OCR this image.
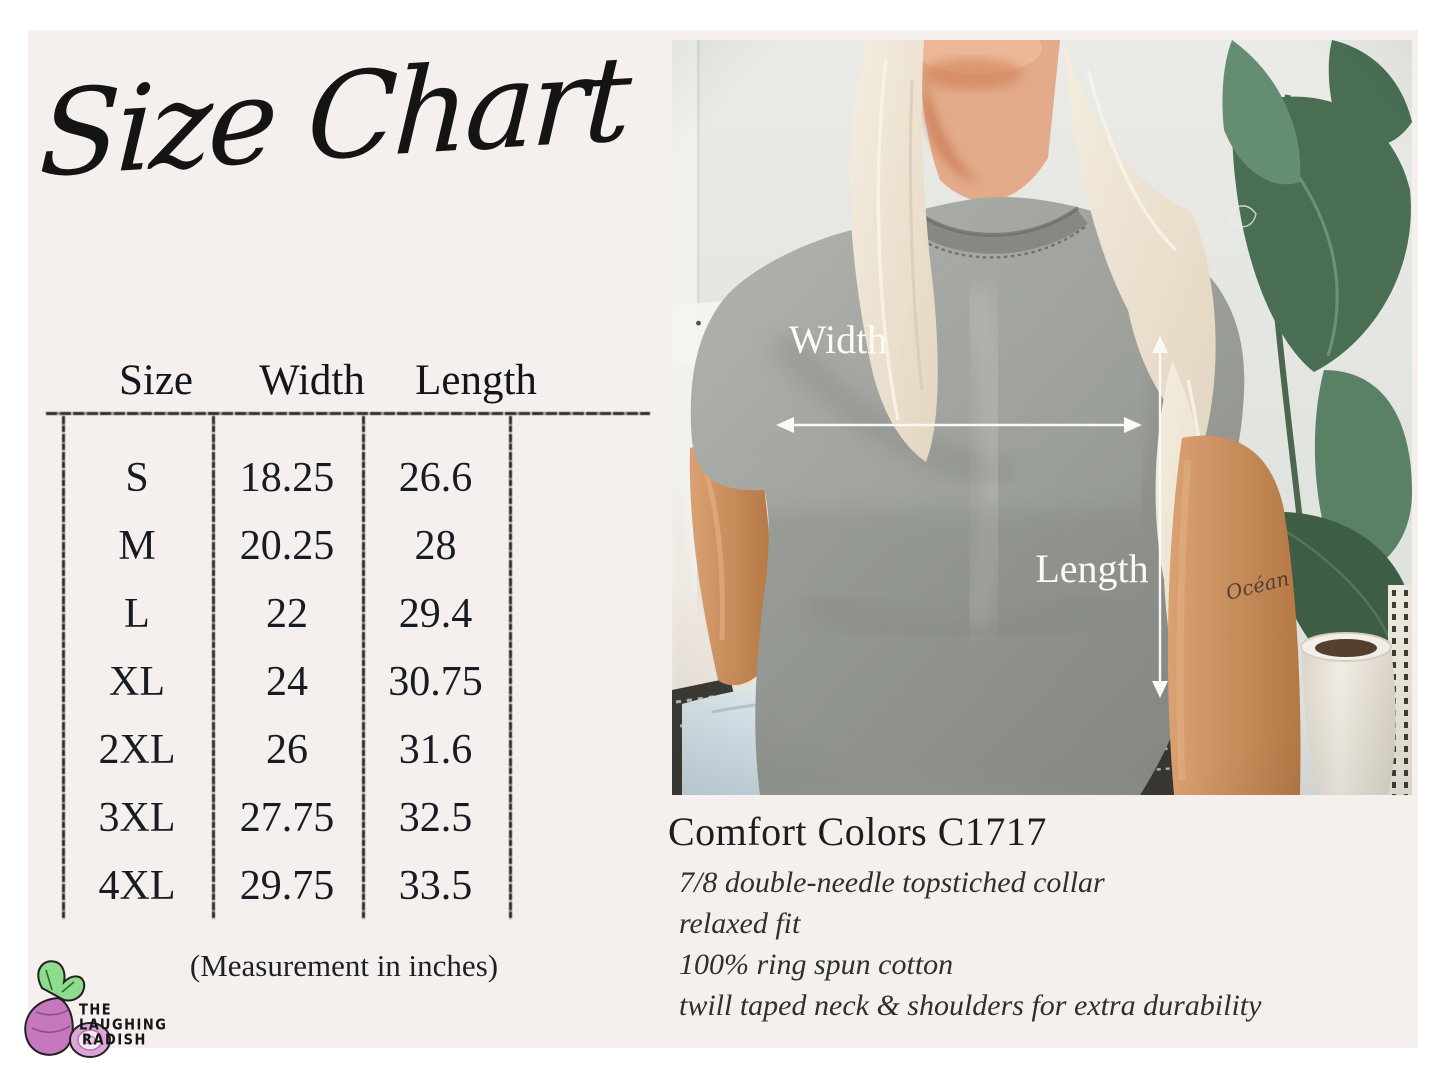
Size Chart
Size Width Length
S	18.25	26.6
M	20.25	28
L	22	29.4
XL	24	30.75
2XL	26	31.6
3XL	27.75	32.5
4XL	29.75	33.5
(Measurement in inches)
THE
LAUGHING
RADISH
Comfort Colors C1717
7/8 double-needle topstiched collar
relaxed fit
100% ring spun cotton
twill taped neck & shoulders for extra durability
